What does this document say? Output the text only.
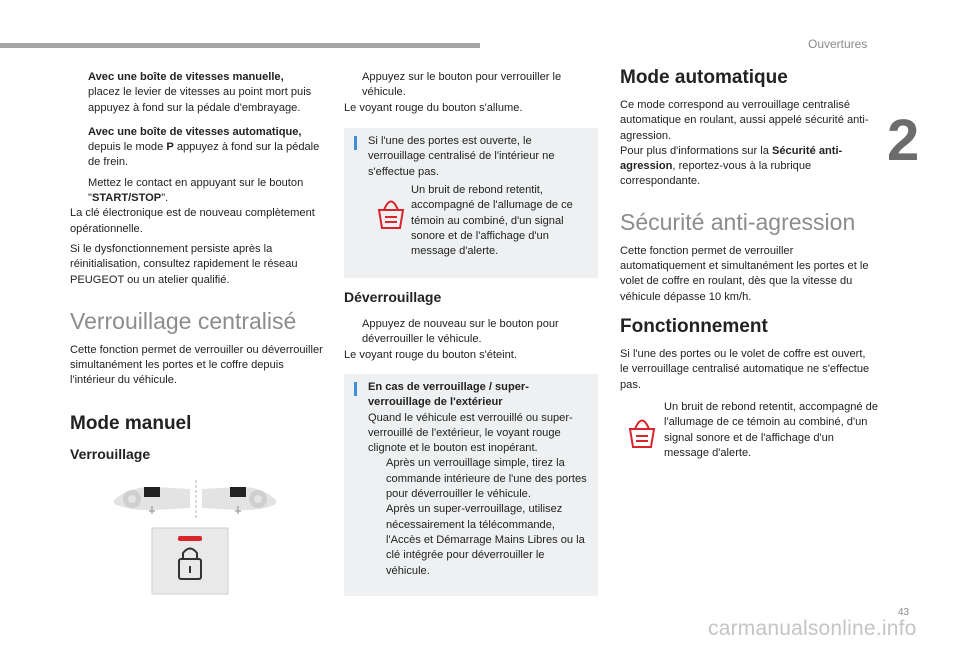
Ouvertures
2
Avec une boîte de vitesses manuelle,
placez le levier de vitesses au point mort puis appuyez à fond sur la pédale d'embrayage.
Avec une boîte de vitesses automatique,
depuis le mode P appuyez à fond sur la pédale de frein.
Mettez le contact en appuyant sur le bouton "START/STOP".

La clé électronique est de nouveau complètement opérationnelle.

Si le dysfonctionnement persiste après la réinitialisation, consultez rapidement le réseau PEUGEOT ou un atelier qualifié.

Verrouillage centralisé

Cette fonction permet de verrouiller ou déverrouiller simultanément les portes et le coffre depuis l'intérieur du véhicule.

Mode manuel
Verrouillage
Appuyez sur le bouton pour verrouiller le véhicule.

Le voyant rouge du bouton s'allume.

Si l'une des portes est ouverte, le verrouillage centralisé de l'intérieur ne s'effectue pas.
Un bruit de rebond retentit, accompagné de l'allumage de ce témoin au combiné, d'un signal sonore et de l'affichage d'un message d'alerte.
Déverrouillage
Appuyez de nouveau sur le bouton pour déverrouiller le véhicule.

Le voyant rouge du bouton s'éteint.

En cas de verrouillage / super-verrouillage de l'extérieur
Quand le véhicule est verrouillé ou super-verrouillé de l'extérieur, le voyant rouge clignote et le bouton est inopérant.
Après un verrouillage simple, tirez la commande intérieure de l'une des portes pour déverrouiller le véhicule.
Après un super-verrouillage, utilisez nécessairement la télécommande, l'Accès et Démarrage Mains Libres ou la clé intégrée pour déverrouiller le véhicule.
Mode automatique

Ce mode correspond au verrouillage centralisé automatique en roulant, aussi appelé sécurité anti-agression.
Pour plus d'informations sur la Sécurité anti-agression, reportez-vous à la rubrique correspondante.

Sécurité anti-agression

Cette fonction permet de verrouiller automatiquement et simultanément les portes et le volet de coffre en roulant, dès que la vitesse du véhicule dépasse 10 km/h.

Fonctionnement

Si l'une des portes ou le volet de coffre est ouvert, le verrouillage centralisé automatique ne s'effectue pas.

Un bruit de rebond retentit, accompagné de l'allumage de ce témoin au combiné, d'un signal sonore et de l'affichage d'un message d'alerte.
43
carmanualsonline.info
